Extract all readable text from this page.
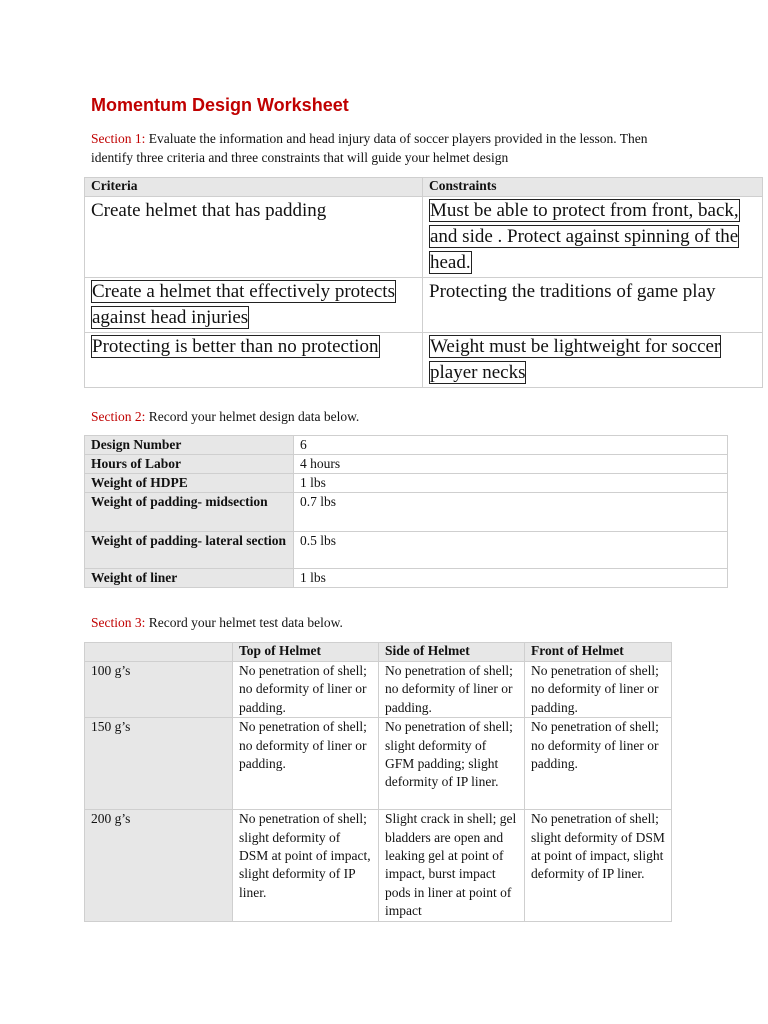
Momentum Design Worksheet
Section 1: Evaluate the information and head injury data of soccer players provided in the lesson. Then identify three criteria and three constraints that will guide your helmet design
Criteria	Constraints
Create helmet that has padding	Must be able to protect from front, back, and side . Protect against spinning of the head.
Create a helmet that effectively protects against head injuries	Protecting the traditions of game play
Protecting is better than no protection	Weight must be lightweight for soccer player necks
Section 2: Record your helmet design data below.
Design Number	6
Hours of Labor	4 hours
Weight of HDPE	1 lbs
Weight of padding- midsection	0.7 lbs
Weight of padding- lateral section	0.5 lbs
Weight of liner	1 lbs
Section 3: Record your helmet test data below.
	Top of Helmet	Side of Helmet	Front of Helmet
100 g’s	No penetration of shell; no deformity of liner or padding.	No penetration of shell; no deformity of liner or padding.	No penetration of shell; no deformity of liner or padding.
150 g’s	No penetration of shell; no deformity of liner or padding.	No penetration of shell; slight deformity of GFM padding; slight deformity of IP liner.	No penetration of shell; no deformity of liner or padding.
200 g’s	No penetration of shell; slight deformity of DSM at point of impact, slight deformity of IP liner.	Slight crack in shell; gel bladders are open and leaking gel at point of impact, burst impact pods in liner at point of impact	No penetration of shell; slight deformity of DSM at point of impact, slight deformity of IP liner.
